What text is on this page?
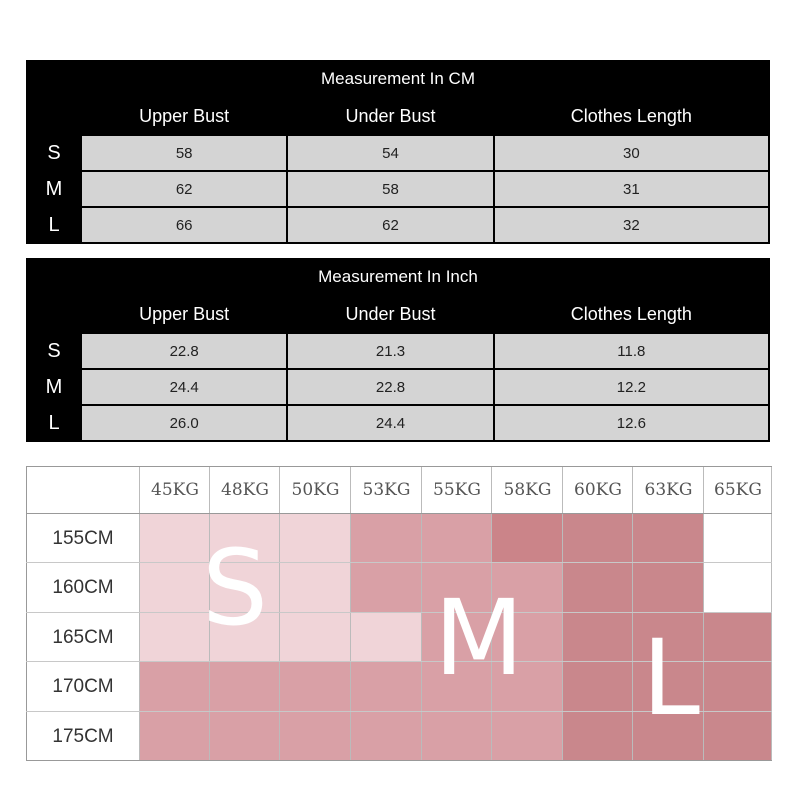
Measurement In CM
	Upper Bust	Under Bust	Clothes Length
S	58	54	30
M	62	58	31
L	66	62	32
Measurement In Inch
	Upper Bust	Under Bust	Clothes Length
S	22.8	21.3	11.8
M	24.4	22.8	12.2
L	26.0	24.4	12.6
45KG	48KG	50KG	53KG	55KG	58KG	60KG	63KG	65KG
155CM
160CM
165CM
170CM
175CM
S M L
